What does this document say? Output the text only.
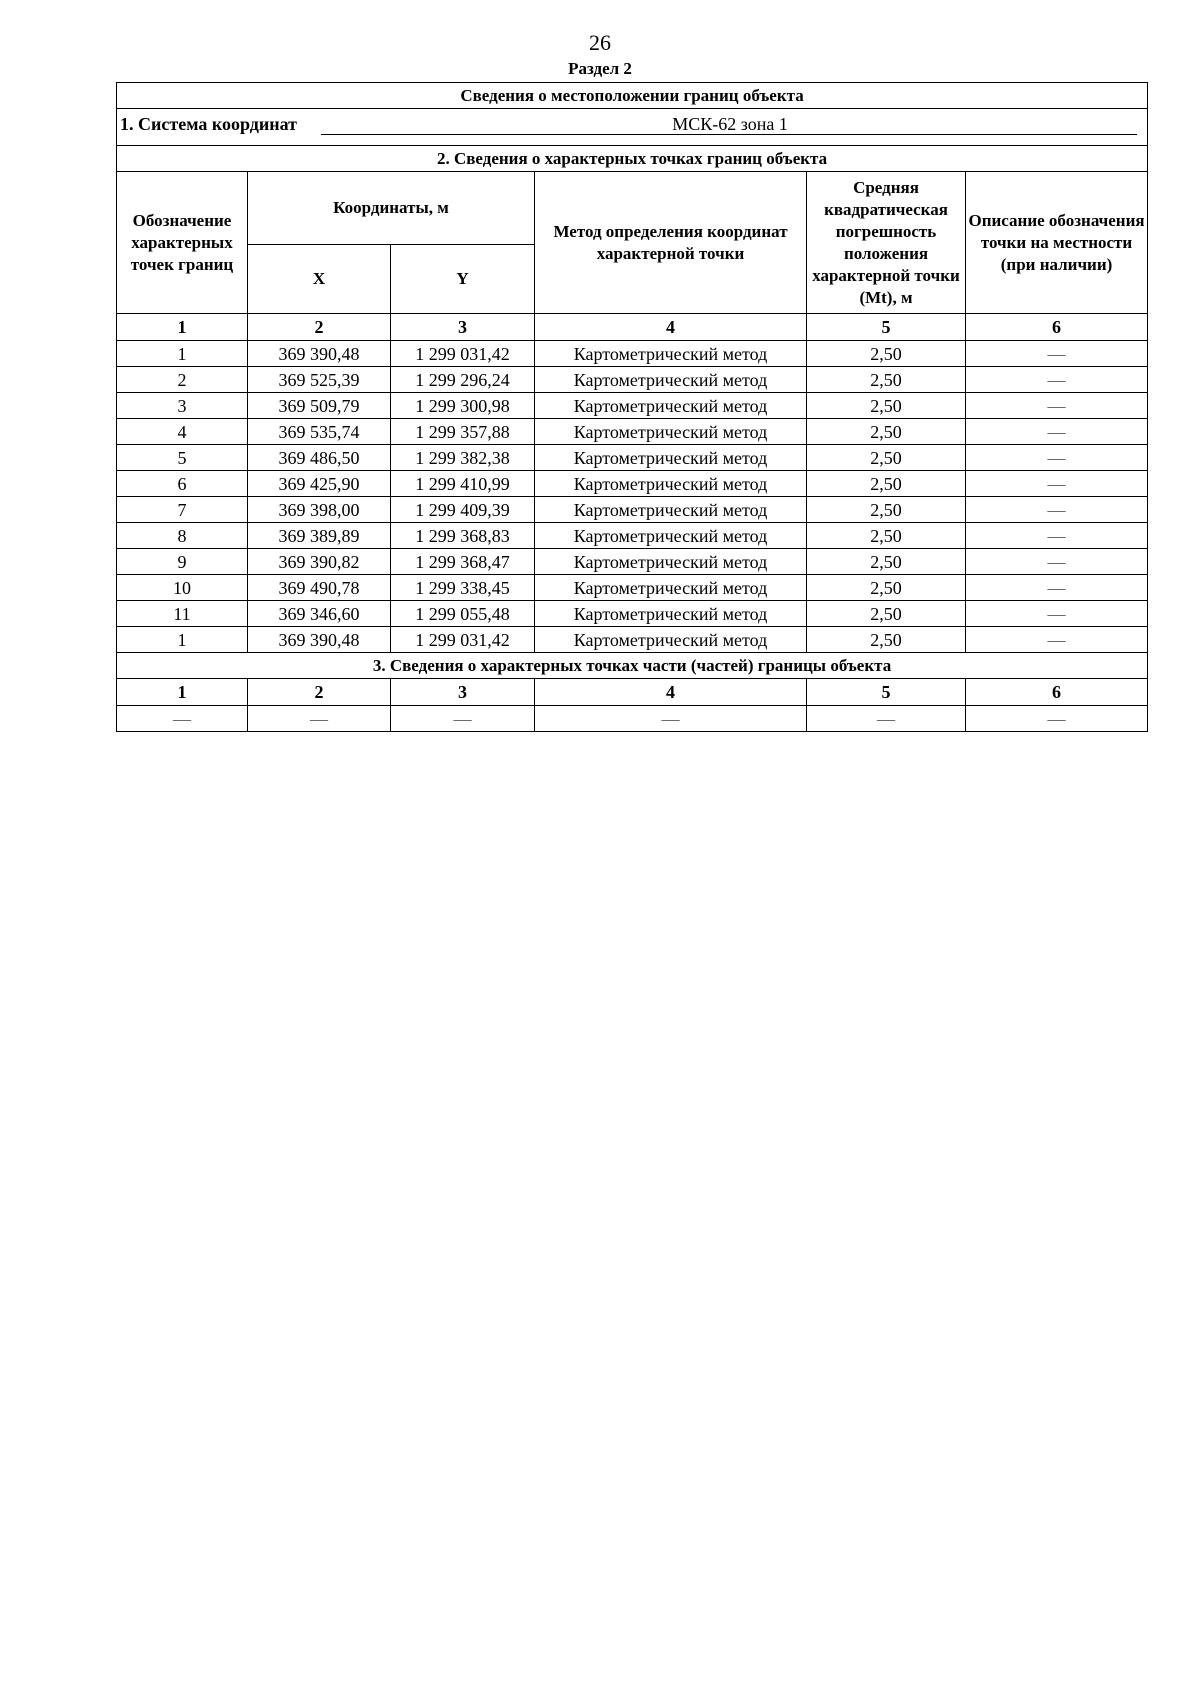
26
Раздел 2
Сведения о местоположении границ объекта					

1. Система координат МСК-62 зона 1					

2. Сведения о характерных точках границ объекта					
Обозначение характерных точек границ	Координаты, м		Метод определения координат характерной точки	Средняя квадратическая погрешность положения характерной точки (Mt), м	Описание обозначения точки на местности (при наличии)
	X	Y			
1	2	3	4	5	6
1	369 390,48	1 299 031,42	Картометрический метод	2,50	—
2	369 525,39	1 299 296,24	Картометрический метод	2,50	—
3	369 509,79	1 299 300,98	Картометрический метод	2,50	—
4	369 535,74	1 299 357,88	Картометрический метод	2,50	—
5	369 486,50	1 299 382,38	Картометрический метод	2,50	—
6	369 425,90	1 299 410,99	Картометрический метод	2,50	—
7	369 398,00	1 299 409,39	Картометрический метод	2,50	—
8	369 389,89	1 299 368,83	Картометрический метод	2,50	—
9	369 390,82	1 299 368,47	Картометрический метод	2,50	—
10	369 490,78	1 299 338,45	Картометрический метод	2,50	—
11	369 346,60	1 299 055,48	Картометрический метод	2,50	—
1	369 390,48	1 299 031,42	Картометрический метод	2,50	—
3. Сведения о характерных точках части (частей) границы объекта					
1	2	3	4	5	6
—	—	—	—	—	—
